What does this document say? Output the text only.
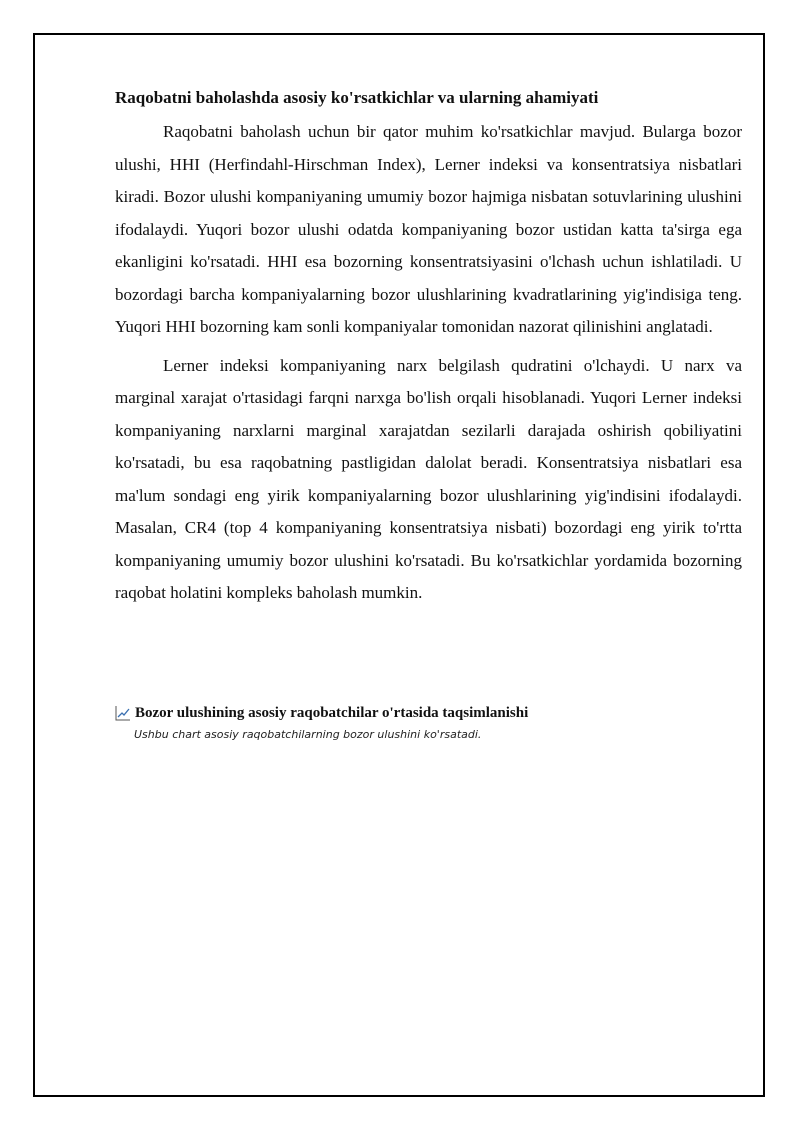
Raqobatni baholashda asosiy ko'rsatkichlar va ularning ahamiyati

Raqobatni baholash uchun bir qator muhim ko'rsatkichlar mavjud. Bularga bozor ulushi, HHI (Herfindahl-Hirschman Index), Lerner indeksi va konsentratsiya nisbatlari kiradi. Bozor ulushi kompaniyaning umumiy bozor hajmiga nisbatan sotuvlarining ulushini ifodalaydi. Yuqori bozor ulushi odatda kompaniyaning bozor ustidan katta ta'sirga ega ekanligini ko'rsatadi. HHI esa bozorning konsentratsiyasini o'lchash uchun ishlatiladi. U bozordagi barcha kompaniyalarning bozor ulushlarining kvadratlarining yig'indisiga teng. Yuqori HHI bozorning kam sonli kompaniyalar tomonidan nazorat qilinishini anglatadi.

Lerner indeksi kompaniyaning narx belgilash qudratini o'lchaydi. U narx va marginal xarajat o'rtasidagi farqni narxga bo'lish orqali hisoblanadi. Yuqori Lerner indeksi kompaniyaning narxlarni marginal xarajatdan sezilarli darajada oshirish qobiliyatini ko'rsatadi, bu esa raqobatning pastligidan dalolat beradi. Konsentratsiya nisbatlari esa ma'lum sondagi eng yirik kompaniyalarning bozor ulushlarining yig'indisini ifodalaydi. Masalan, CR4 (top 4 kompaniyaning konsentratsiya nisbati) bozordagi eng yirik to'rtta kompaniyaning umumiy bozor ulushini ko'rsatadi. Bu ko'rsatkichlar yordamida bozorning raqobat holatini kompleks baholash mumkin.

Bozor ulushining asosiy raqobatchilar o'rtasida taqsimlanishi
Ushbu chart asosiy raqobatchilarning bozor ulushini ko'rsatadi.
